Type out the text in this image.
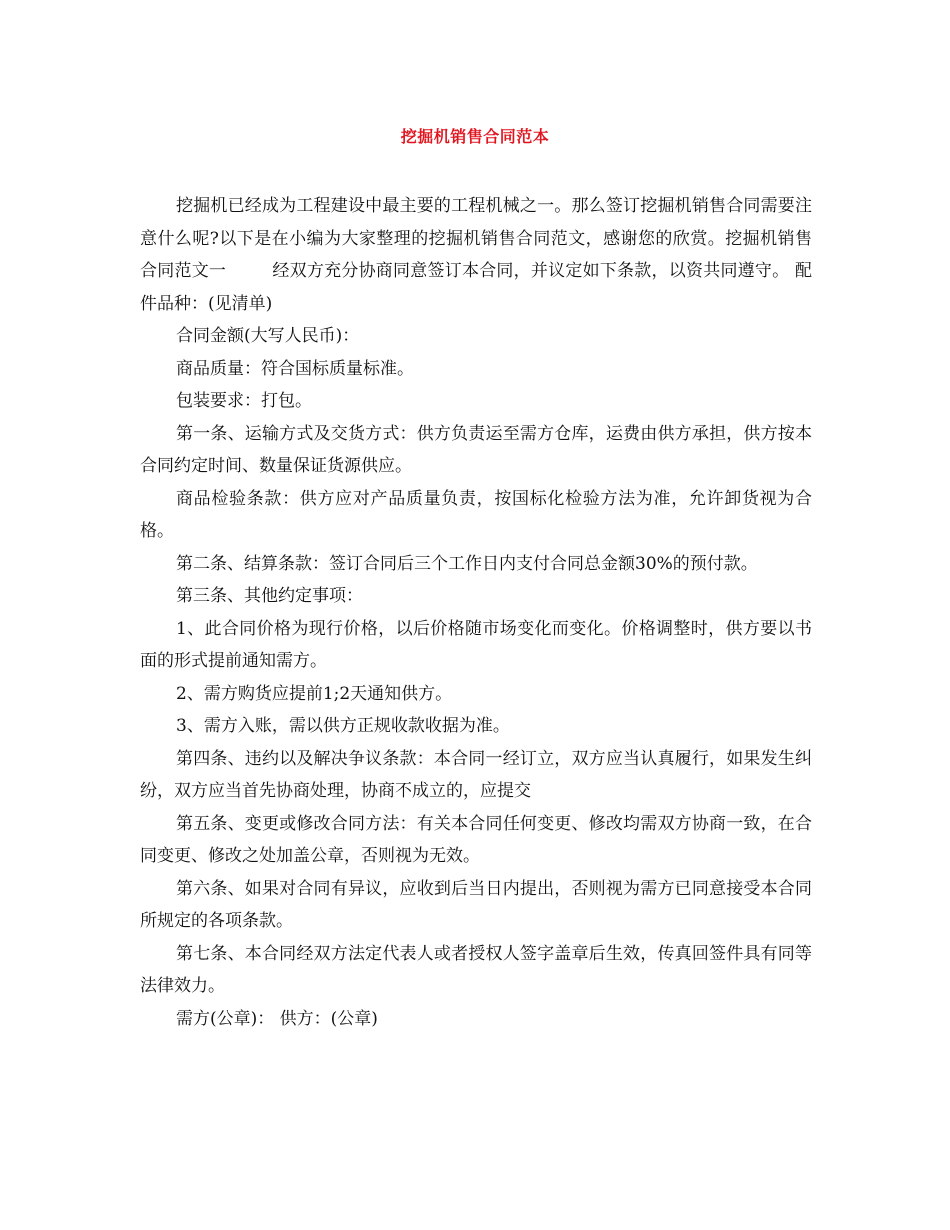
挖掘机销售合同范本

挖掘机已经成为工程建设中最主要的工程机械之一。那么签订挖掘机销售合同需要注意什么呢?以下是在小编为大家整理的挖掘机销售合同范文，感谢您的欣赏。挖掘机销售合同范文一	经双方充分协商同意签订本合同，并议定如下条款，以资共同遵守。 配件品种：(见清单)

合同金额(大写人民币)：

商品质量：符合国标质量标准。

包装要求：打包。

第一条、运输方式及交货方式：供方负责运至需方仓库，运费由供方承担，供方按本合同约定时间、数量保证货源供应。

商品检验条款：供方应对产品质量负责，按国标化检验方法为准，允许卸货视为合格。

第二条、结算条款：签订合同后三个工作日内支付合同总金额30%的预付款。

第三条、其他约定事项：

1、此合同价格为现行价格，以后价格随市场变化而变化。价格调整时，供方要以书面的形式提前通知需方。

2、需方购货应提前1;2天通知供方。

3、需方入账，需以供方正规收款收据为准。

第四条、违约以及解决争议条款：本合同一经订立，双方应当认真履行，如果发生纠纷，双方应当首先协商处理，协商不成立的，应提交

第五条、变更或修改合同方法：有关本合同任何变更、修改均需双方协商一致，在合同变更、修改之处加盖公章，否则视为无效。

第六条、如果对合同有异议，应收到后当日内提出，否则视为需方已同意接受本合同所规定的各项条款。

第七条、本合同经双方法定代表人或者授权人签字盖章后生效，传真回签件具有同等法律效力。

需方(公章)： 供方：(公章)
